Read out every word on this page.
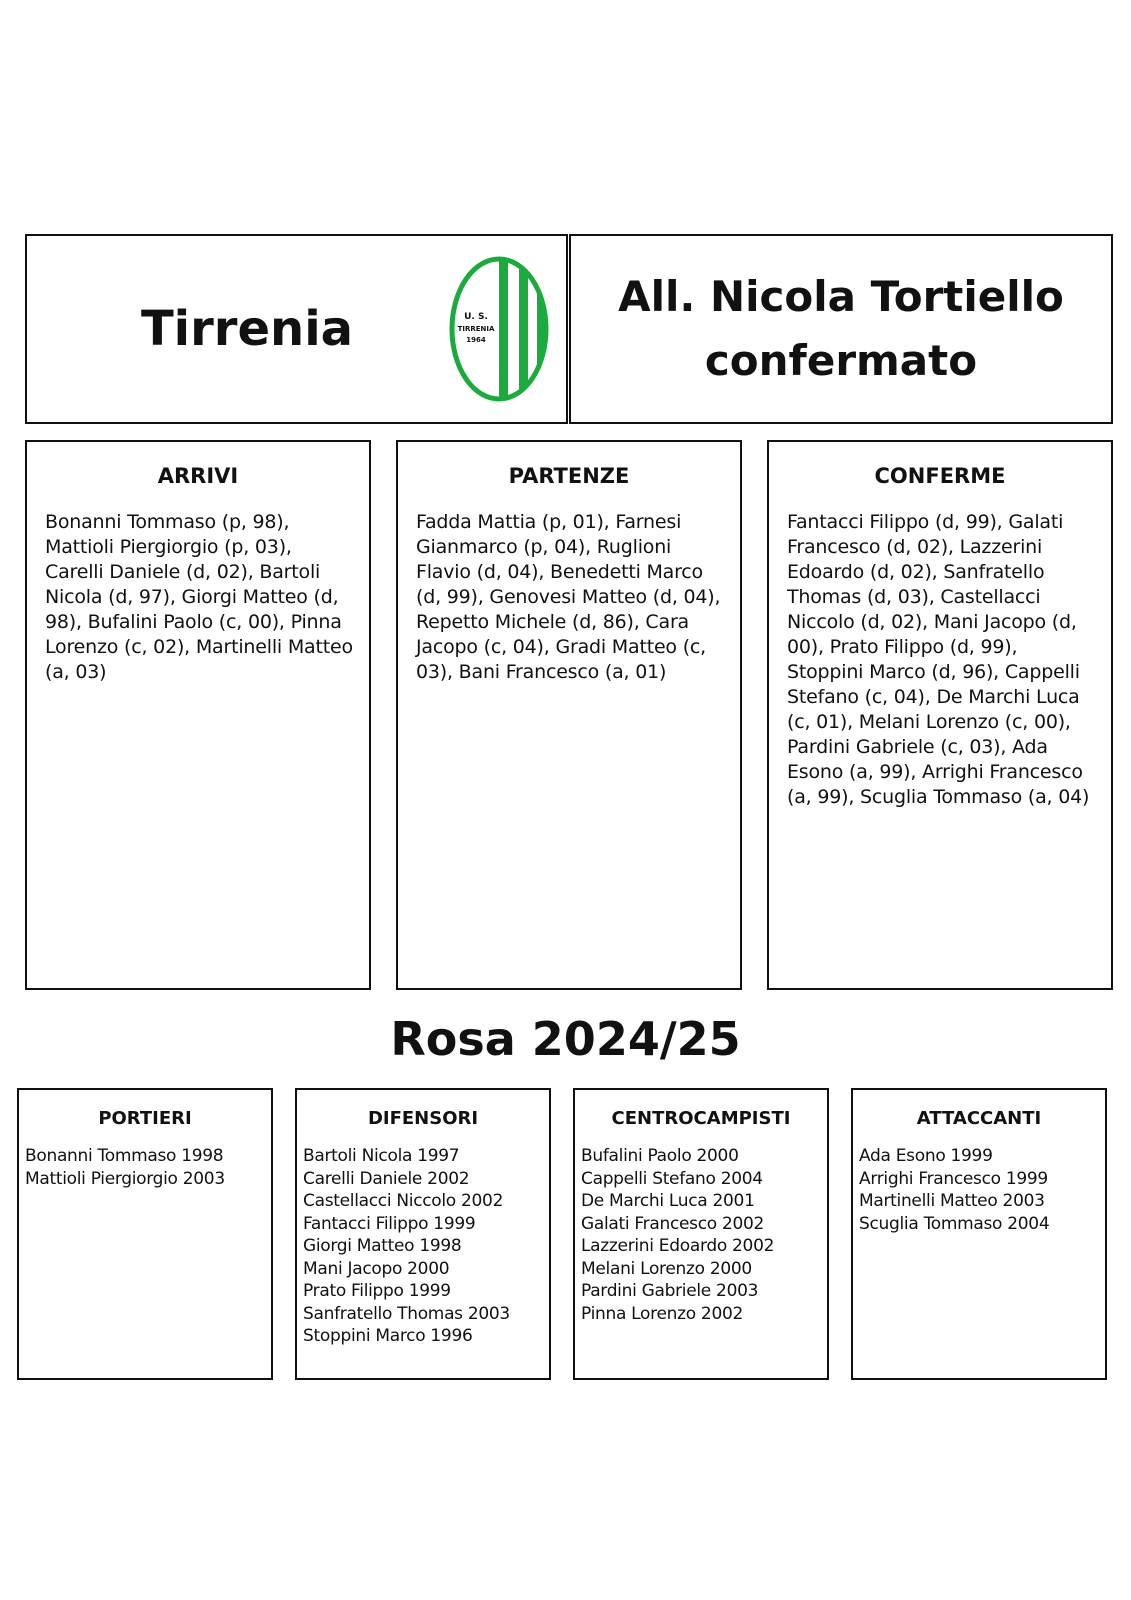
Tirrenia	U. S.
TIRRENIA
1964
All. Nicola Tortiello
confermato
ARRIVI
Bonanni Tommaso (p, 98), Mattioli Piergiorgio (p, 03), Carelli Daniele (d, 02), Bartoli Nicola (d, 97), Giorgi Matteo (d, 98), Bufalini Paolo (c, 00), Pinna Lorenzo (c, 02), Martinelli Matteo (a, 03)
PARTENZE
Fadda Mattia (p, 01), Farnesi Gianmarco (p, 04), Ruglioni Flavio (d, 04), Benedetti Marco (d, 99), Genovesi Matteo (d, 04), Repetto Michele (d, 86), Cara Jacopo (c, 04), Gradi Matteo (c, 03), Bani Francesco (a, 01)
CONFERME
Fantacci Filippo (d, 99), Galati Francesco (d, 02), Lazzerini Edoardo (d, 02), Sanfratello Thomas (d, 03), Castellacci Niccolo (d, 02), Mani Jacopo (d, 00), Prato Filippo (d, 99), Stoppini Marco (d, 96), Cappelli Stefano (c, 04), De Marchi Luca (c, 01), Melani Lorenzo (c, 00), Pardini Gabriele (c, 03), Ada Esono (a, 99), Arrighi Francesco (a, 99), Scuglia Tommaso (a, 04)
Rosa 2024/25
PORTIERI
Bonanni Tommaso 1998
Mattioli Piergiorgio 2003
DIFENSORI
Bartoli Nicola 1997
Carelli Daniele 2002
Castellacci Niccolo 2002
Fantacci Filippo 1999
Giorgi Matteo 1998
Mani Jacopo 2000
Prato Filippo 1999
Sanfratello Thomas 2003
Stoppini Marco 1996
CENTROCAMPISTI
Bufalini Paolo 2000
Cappelli Stefano 2004
De Marchi Luca 2001
Galati Francesco 2002
Lazzerini Edoardo 2002
Melani Lorenzo 2000
Pardini Gabriele 2003
Pinna Lorenzo 2002
ATTACCANTI
Ada Esono 1999
Arrighi Francesco 1999
Martinelli Matteo 2003
Scuglia Tommaso 2004
